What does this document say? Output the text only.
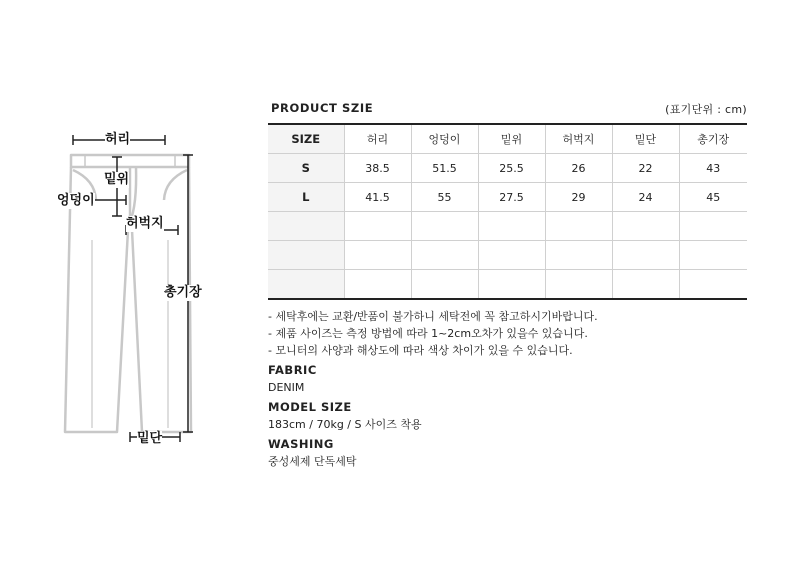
허리
밑위
엉덩이
허벅지
총기장
밑단
PRODUCT SZIE	(표기단위 : cm)
SIZE	허리	엉덩이	밑위	허벅지	밑단	총기장
S	38.5	51.5	25.5	26	22	43
L	41.5	55	27.5	29	24	45

- 세탁후에는 교환/반품이 불가하니 세탁전에 꼭 참고하시기바랍니다.
- 제품 사이즈는 측정 방법에 따라 1~2cm오차가 있을수 있습니다.
- 모니터의 사양과 해상도에 따라 색상 차이가 있을 수 있습니다.
FABRIC
DENIM
MODEL SIZE
183cm / 70kg / S 사이즈 착용
WASHING
중성세제 단독세탁
